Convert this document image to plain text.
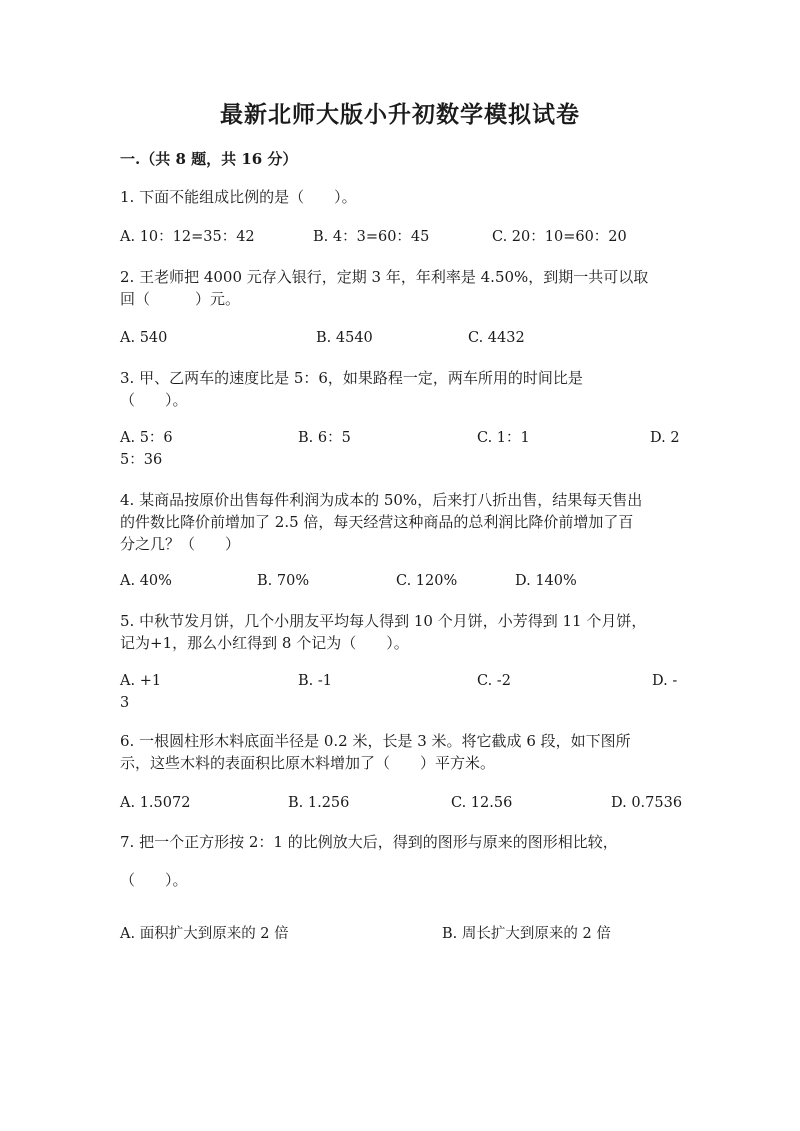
最新北师大版小升初数学模拟试卷
一.（共 8 题，共 16 分）
1. 下面不能组成比例的是（　　）。
A. 10：12=35：42	B. 4：3=60：45	C. 20：10=60：20
2. 王老师把 4000 元存入银行，定期 3 年，年利率是 4.50%，到期一共可以取
回（　　　）元。
A. 540	B. 4540	C. 4432
3. 甲、乙两车的速度比是 5：6，如果路程一定，两车所用的时间比是
（　　）。
A. 5：6	B. 6：5	C. 1：1	D. 2
5：36
4. 某商品按原价出售每件利润为成本的 50%，后来打八折出售，结果每天售出
的件数比降价前增加了 2.5 倍，每天经营这种商品的总利润比降价前增加了百
分之几？（　　）
A. 40%	B. 70%	C. 120%	D. 140%
5. 中秋节发月饼，几个小朋友平均每人得到 10 个月饼，小芳得到 11 个月饼，
记为+1，那么小红得到 8 个记为（　　）。
A. +1	B. -1	C. -2	D. -
3
6. 一根圆柱形木料底面半径是 0.2 米，长是 3 米。将它截成 6 段，如下图所
示，这些木料的表面积比原木料增加了（　　）平方米。
A. 1.5072	B. 1.256	C. 12.56	D. 0.7536
7. 把一个正方形按 2：1 的比例放大后，得到的图形与原来的图形相比较，
（　　）。
A. 面积扩大到原来的 2 倍	B. 周长扩大到原来的 2 倍
